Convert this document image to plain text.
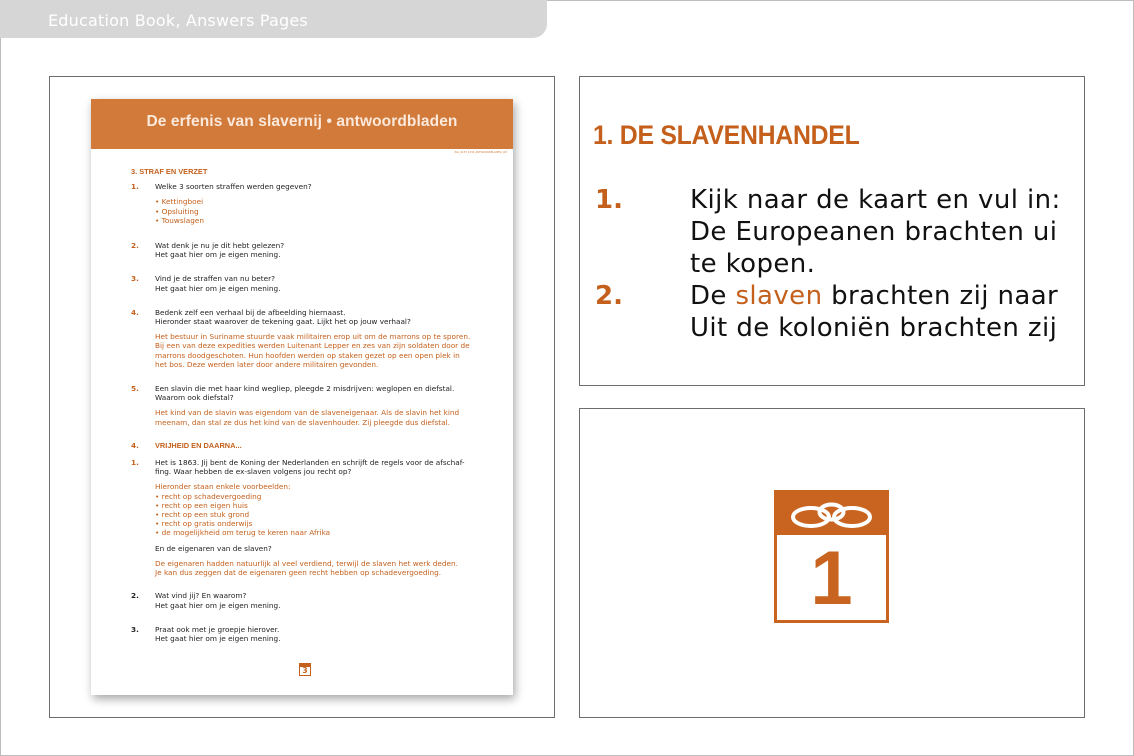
Education Book, Answers Pages
De erfenis van slavernij • antwoordbladen
PAL_0133_1234_ANTWOORDBLADEN_123
3. STRAF EN VERZET
1. Welke 3 soorten straffen werden gegeven?
• Kettingboei
• Opsluiting
• Touwslagen
2. Wat denk je nu je dit hebt gelezen?
Het gaat hier om je eigen mening.
3. Vind je de straffen van nu beter?
Het gaat hier om je eigen mening.
4. Bedenk zelf een verhaal bij de afbeelding hiernaast.
Hieronder staat waarover de tekening gaat. Lijkt het op jouw verhaal?
Het bestuur in Suriname stuurde vaak militairen erop uit om de marrons op te sporen.
Bij een van deze expedities werden Luitenant Lepper en zes van zijn soldaten door de
marrons doodgeschoten. Hun hoofden werden op staken gezet op een open plek in
het bos. Deze werden later door andere militairen gevonden.
5. Een slavin die met haar kind wegliep, pleegde 2 misdrijven: weglopen en diefstal.
Waarom ook diefstal?
Het kind van de slavin was eigendom van de slaveneigenaar. Als de slavin het kind
meenam, dan stal ze dus het kind van de slavenhouder. Zij pleegde dus diefstal.
4. VRIJHEID EN DAARNA...
1. Het is 1863. Jij bent de Koning der Nederlanden en schrijft de regels voor de afschaf-
fing. Waar hebben de ex-slaven volgens jou recht op?
Hieronder staan enkele voorbeelden:
• recht op schadevergoeding
• recht op een eigen huis
• recht op een stuk grond
• recht op gratis onderwijs
• de mogelijkheid om terug te keren naar Afrika
En de eigenaren van de slaven?
De eigenaren hadden natuurlijk al veel verdiend, terwijl de slaven het werk deden.
Je kan dus zeggen dat de eigenaren geen recht hebben op schadevergoeding.
2. Wat vind jij? En waarom?
Het gaat hier om je eigen mening.
3. Praat ook met je groepje hierover.
Het gaat hier om je eigen mening.
3
1. DE SLAVENHANDEL
1.	Kijk naar de kaart en vul in:
De Europeanen brachten ui
te kopen.
2.	De slaven brachten zij naar
Uit de koloniën brachten zij
1
